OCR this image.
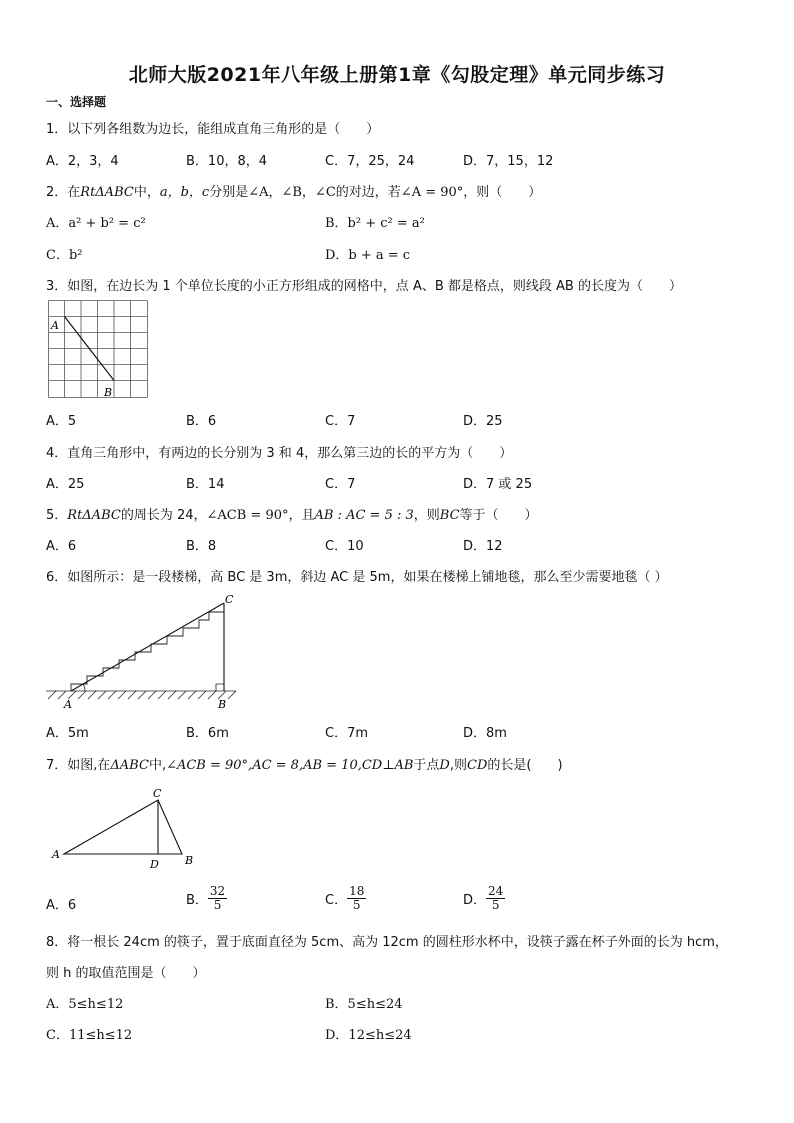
北师大版2021年八年级上册第1章《勾股定理》单元同步练习
一、选择题
1．以下列各组数为边长，能组成直角三角形的是（　　）
A．2，3，4	B．10，8，4	C．7，25，24	D．7，15，12
2．在RtΔABC中，a，b，c分别是∠A，∠B，∠C的对边，若∠A = 90°，则（　　）
A．a² + b² = c²	B．b² + c² = a²
C．b²	D．b + a = c
3．如图，在边长为 1 个单位长度的小正方形组成的网格中，点 A、B 都是格点，则线段 AB 的长度为（　　）
A
B
A．5	B．6	C．7	D．25
4．直角三角形中，有两边的长分别为 3 和 4，那么第三边的长的平方为（　　）
A．25	B．14	C．7	D．7 或 25
5．RtΔABC的周长为 24，∠ACB = 90°，且AB : AC = 5 : 3，则BC等于（　　）
A．6	B．8	C．10	D．12
6．如图所示：是一段楼梯，高 BC 是 3m，斜边 AC 是 5m，如果在楼梯上铺地毯，那么至少需要地毯（ ）
A	B
C
A．5m	B．6m	C．7m	D．8m
7．如图,在ΔABC中,∠ACB = 90°,AC = 8,AB = 10,CD⊥AB于点D,则CD的长是(　　)
A
C
D B
A．6	B． $\frac{32}{5}$	C． $\frac{18}{5}$	D． $\frac{24}{5}$
8．将一根长 24cm 的筷子，置于底面直径为 5cm、高为 12cm 的圆柱形水杯中，设筷子露在杯子外面的长为 hcm，
则 h 的取值范围是（　　）
A．5≤h≤12	B．5≤h≤24
C．11≤h≤12	D．12≤h≤24
